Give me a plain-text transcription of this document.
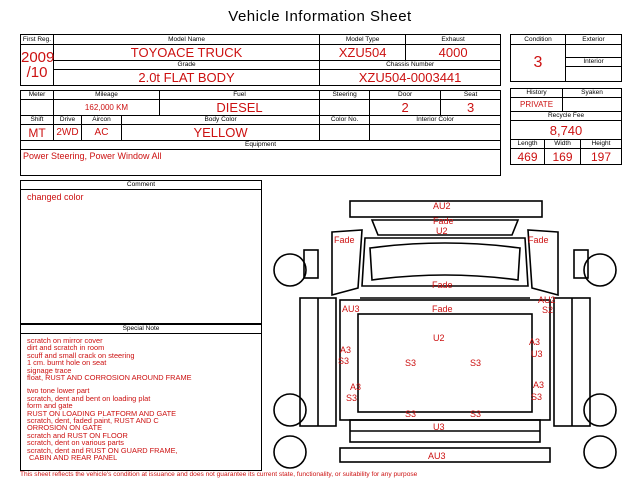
Vehicle Information Sheet
First Reg.	Model Name				Model Type		Exhaust	

2009
/10	TOYOACE TRUCK				XZU504		4000	
	Grade				Chassis Number			
	2.0t FLAT BODY				XZU504-0003441			

Meter	Mileage			Fuel	Steering	Door		Seat
	162,000 KM			DIESEL		2		3
Shift	Drive	Aircon	Body Color		Color No.	Interior Color		
MT	2WD	AC	YELLOW					
Equipment								
Power Steering, Power Window All								
Condition	Exterior
3	
	Interior

History		Syaken	
PRIVATE			
Recycle Fee			
8,740			
Length	Width		Height
469	169		197
Comment
changed color
Special Note
scratch on mirror cover
dirt and scratch in room
scuff and small crack on steering
1 cm. burnt hole on seat
signage trace
float, RUST AND CORROSION AROUND FRAME
two tone lower part
scratch, dent and bent on loading plat
form and gate
RUST ON LOADING PLATFORM AND GATE
scratch, dent, faded paint, RUST AND C
ORROSION ON GATE
scratch and RUST ON FLOOR
scratch, dent on various parts
scratch, dent and RUST ON GUARD FRAME,
CABIN AND REAR PANEL
AU2
Fade
U2
Fade	Fade
Fade
AU3	Fade
AU2
S2
U2
A3
S3
A3
U3
S3	S3
A3
S3
A3
S3
S3	S3
U3
AU3
This sheet reflects the vehicle's condition at issuance and does not guarantee its current state, functionality, or suitability for any purpose
